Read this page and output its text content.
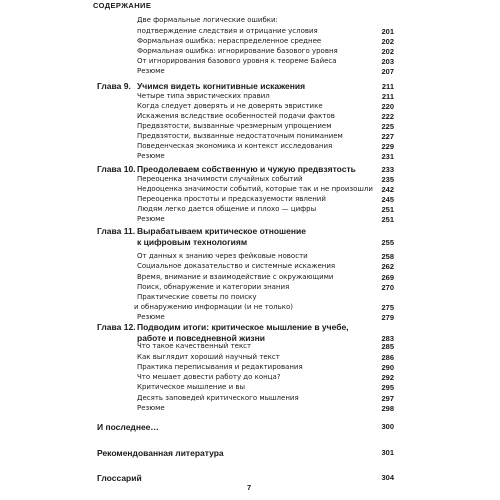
СОДЕРЖАНИЕ
Две формальные логические ошибки:
подтверждение следствия и отрицание условия	201
Формальная ошибка: нераспределенное среднее	202
Формальная ошибка: игнорирование базового уровня	202
От игнорирования базового уровня к теореме Байеса	203
Резюме	207
Глава 9. Учимся видеть когнитивные искажения	211
Четыре типа эвристических правил	211
Когда следует доверять и не доверять эвристике	220
Искажения вследствие особенностей подачи фактов	222
Предвзятости, вызванные чрезмерным упрощением	225
Предвзятости, вызванные недостаточным пониманием	227
Поведенческая экономика и контекст исследования	229
Резюме	231
Глава 10. Преодолеваем собственную и чужую предвзятость	233
Переоценка значимости случайных событий	235
Недооценка значимости событий, которые так и не произошли 242
Переоценка простоты и предсказуемости явлений	245
Людям легко дается общение и плохо — цифры	251
Резюме	251
Глава 11. Вырабатываем критическое отношение
к цифровым технологиям	255
От данных к знанию через фейковые новости	258
Социальное доказательство и системные искажения	262
Время, внимание и взаимодействие с окружающими	269
Поиск, обнаружение и категории знания	270
Практические советы по поиску
и обнаружению информации (и не только)	275
Резюме	279
Глава 12. Подводим итоги: критическое мышление в учебе,
работе и повседневной жизни	283
Что такое качественный текст	285
Как выглядит хороший научный текст	286
Практика переписывания и редактирования	290
Что мешает довести работу до конца?	292
Критическое мышление и вы	295
Десять заповедей критического мышления	297
Резюме	298
И последнее…	300
Рекомендованная литература	301
Глоссарий	304
7
